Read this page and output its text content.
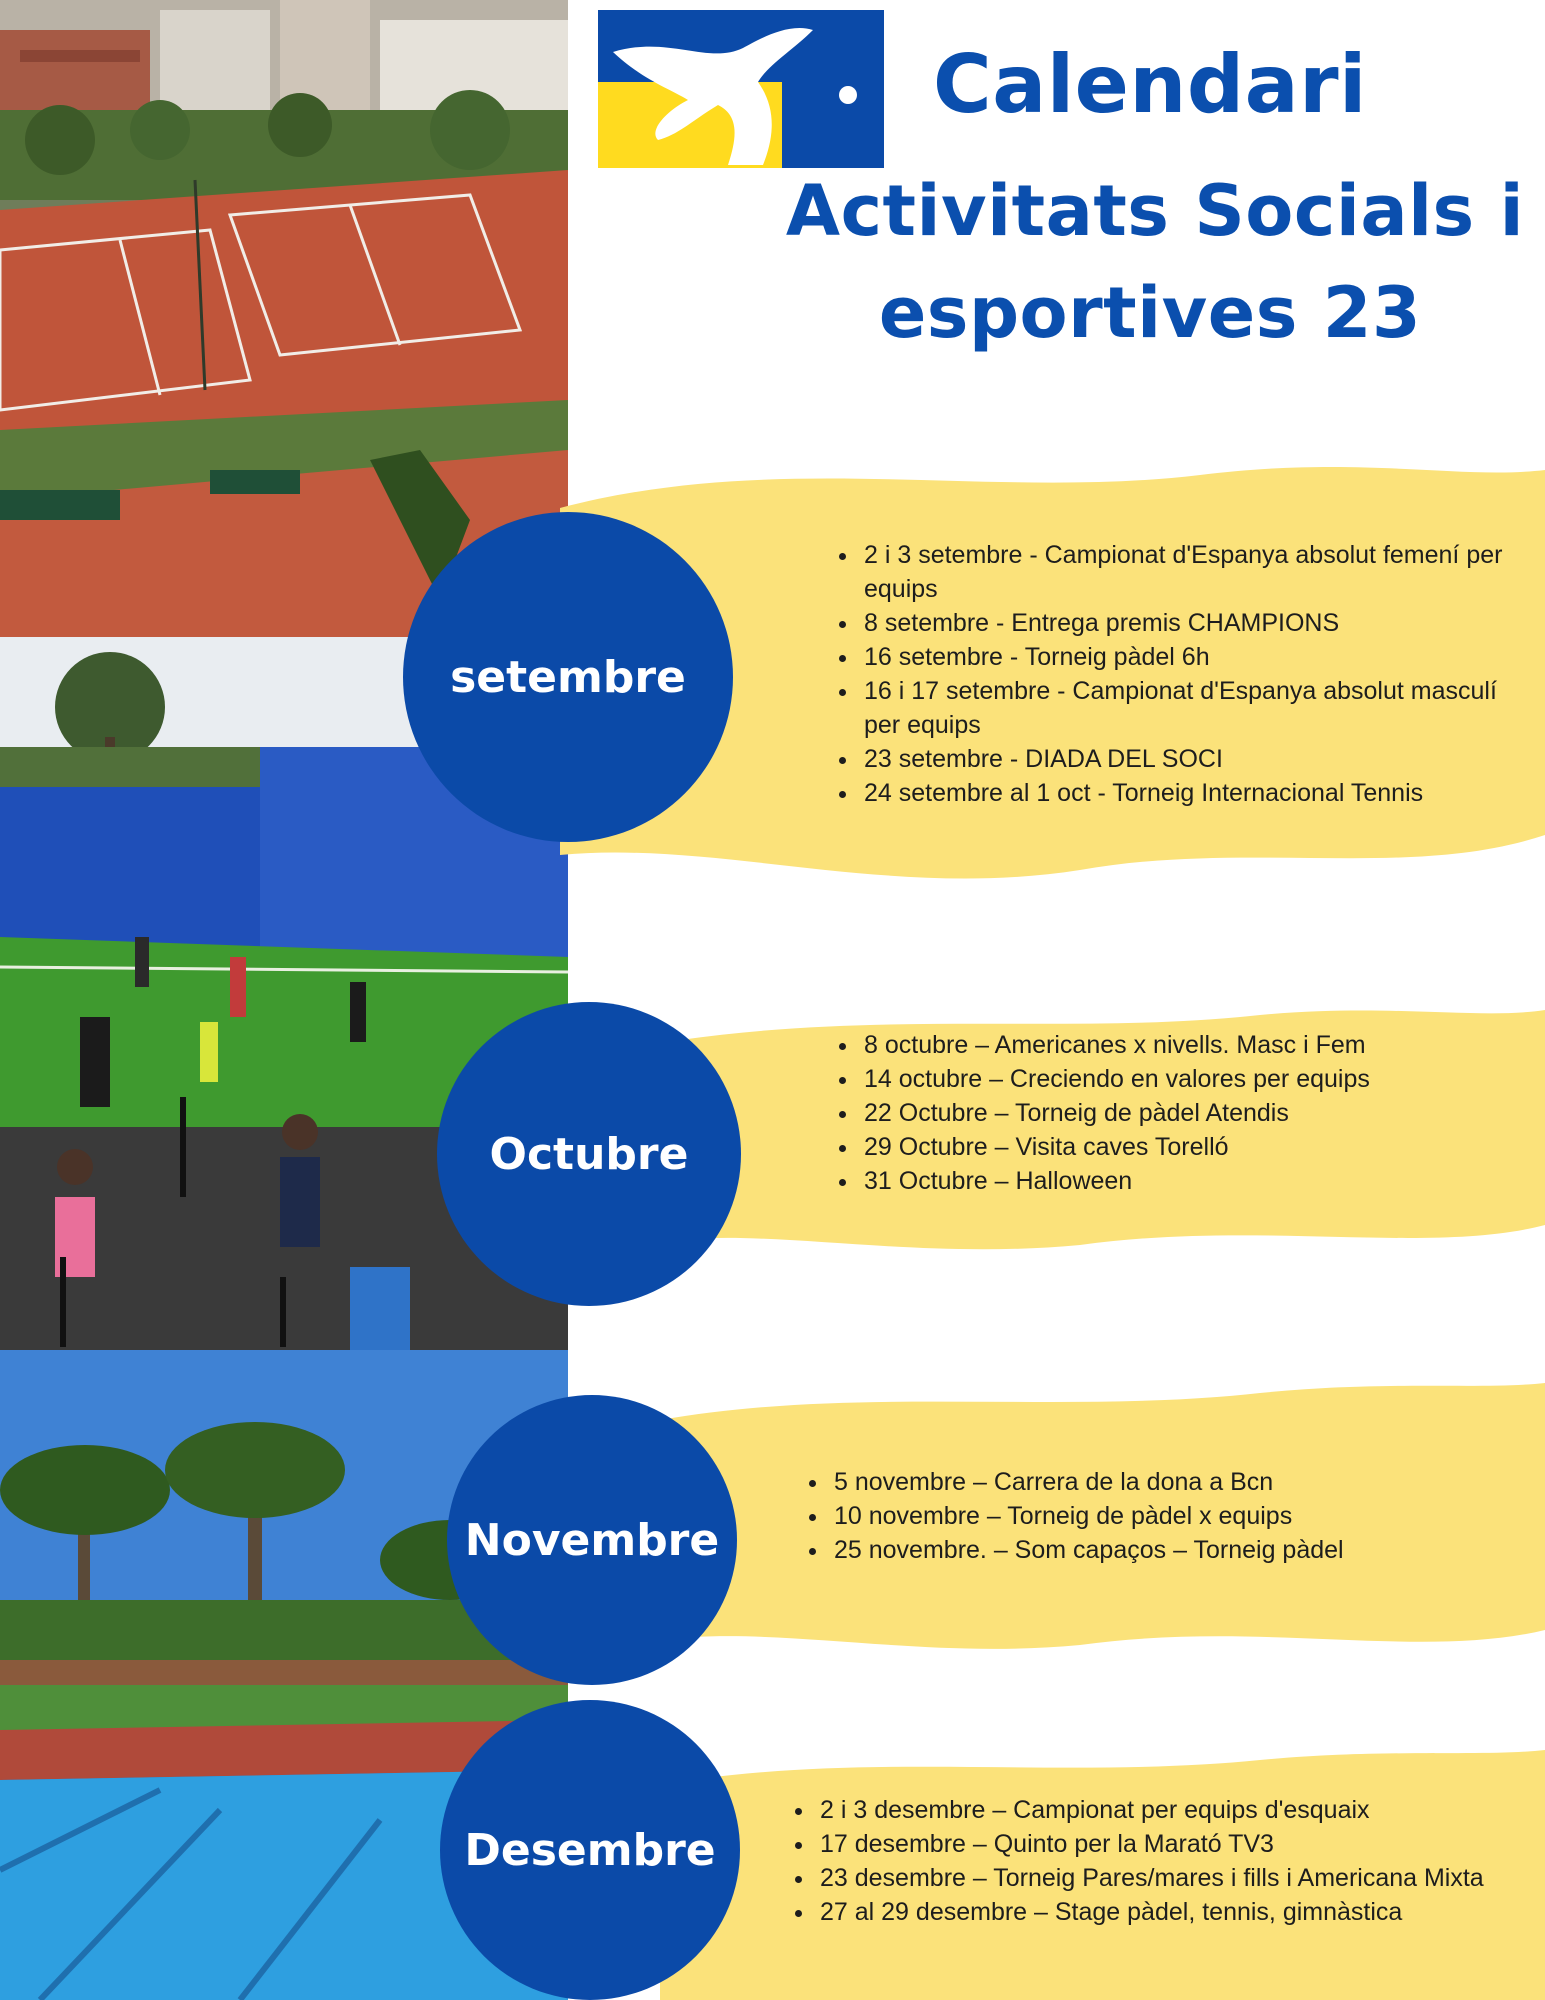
Calendari
Activitats Socials i
esportives 23
setembre
• 2 i 3 setembre - Campionat d'Espanya absolut femení per equips
• 8 setembre - Entrega premis CHAMPIONS
• 16 setembre - Torneig pàdel 6h
• 16 i 17 setembre - Campionat d'Espanya absolut masculí per equips
• 23 setembre - DIADA DEL SOCI
• 24 setembre al 1 oct - Torneig Internacional Tennis
Octubre
• 8 octubre – Americanes x nivells. Masc i Fem
• 14 octubre – Creciendo en valores per equips
• 22 Octubre – Torneig de pàdel Atendis
• 29 Octubre – Visita caves Torelló
• 31 Octubre – Halloween
Novembre
• 5 novembre – Carrera de la dona a Bcn
• 10 novembre – Torneig de pàdel x equips
• 25 novembre. – Som capaços – Torneig pàdel
Desembre
• 2 i 3 desembre – Campionat per equips d'esquaix
• 17 desembre – Quinto per la Marató TV3
• 23 desembre – Torneig Pares/mares i fills i Americana Mixta
• 27 al 29 desembre – Stage pàdel, tennis, gimnàstica
